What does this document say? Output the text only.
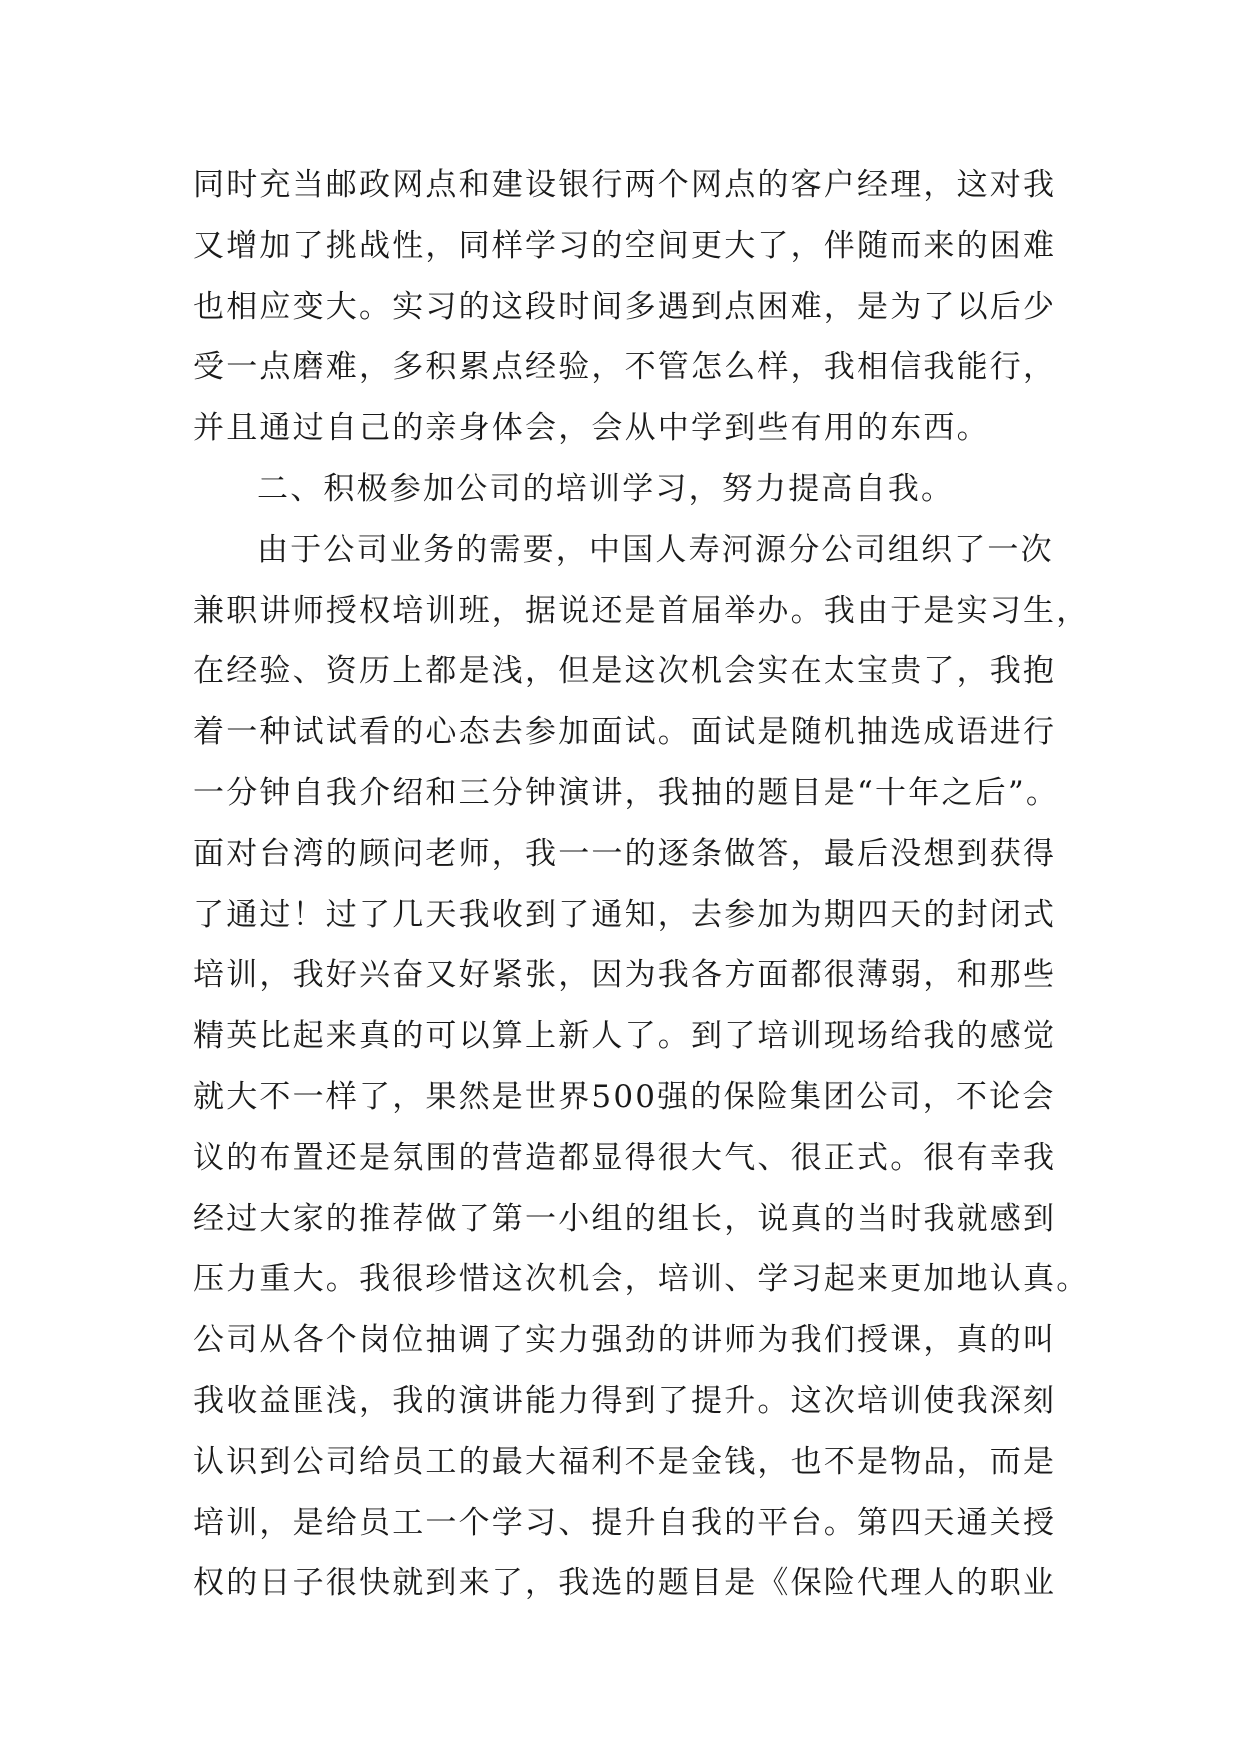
同时充当邮政网点和建设银行两个网点的客户经理，这对我
又增加了挑战性，同样学习的空间更大了，伴随而来的困难
也相应变大。实习的这段时间多遇到点困难，是为了以后少
受一点磨难，多积累点经验，不管怎么样，我相信我能行，
并且通过自己的亲身体会，会从中学到些有用的东西。
二、积极参加公司的培训学习，努力提高自我。
由于公司业务的需要，中国人寿河源分公司组织了一次
兼职讲师授权培训班，据说还是首届举办。我由于是实习生，
在经验、资历上都是浅，但是这次机会实在太宝贵了，我抱
着一种试试看的心态去参加面试。面试是随机抽选成语进行
一分钟自我介绍和三分钟演讲，我抽的题目是“十年之后”。
面对台湾的顾问老师，我一一的逐条做答，最后没想到获得
了通过！过了几天我收到了通知，去参加为期四天的封闭式
培训，我好兴奋又好紧张，因为我各方面都很薄弱，和那些
精英比起来真的可以算上新人了。到了培训现场给我的感觉
就大不一样了，果然是世界500强的保险集团公司，不论会
议的布置还是氛围的营造都显得很大气、很正式。很有幸我
经过大家的推荐做了第一小组的组长，说真的当时我就感到
压力重大。我很珍惜这次机会，培训、学习起来更加地认真。
公司从各个岗位抽调了实力强劲的讲师为我们授课，真的叫
我收益匪浅，我的演讲能力得到了提升。这次培训使我深刻
认识到公司给员工的最大福利不是金钱，也不是物品，而是
培训，是给员工一个学习、提升自我的平台。第四天通关授
权的日子很快就到来了，我选的题目是《保险代理人的职业
